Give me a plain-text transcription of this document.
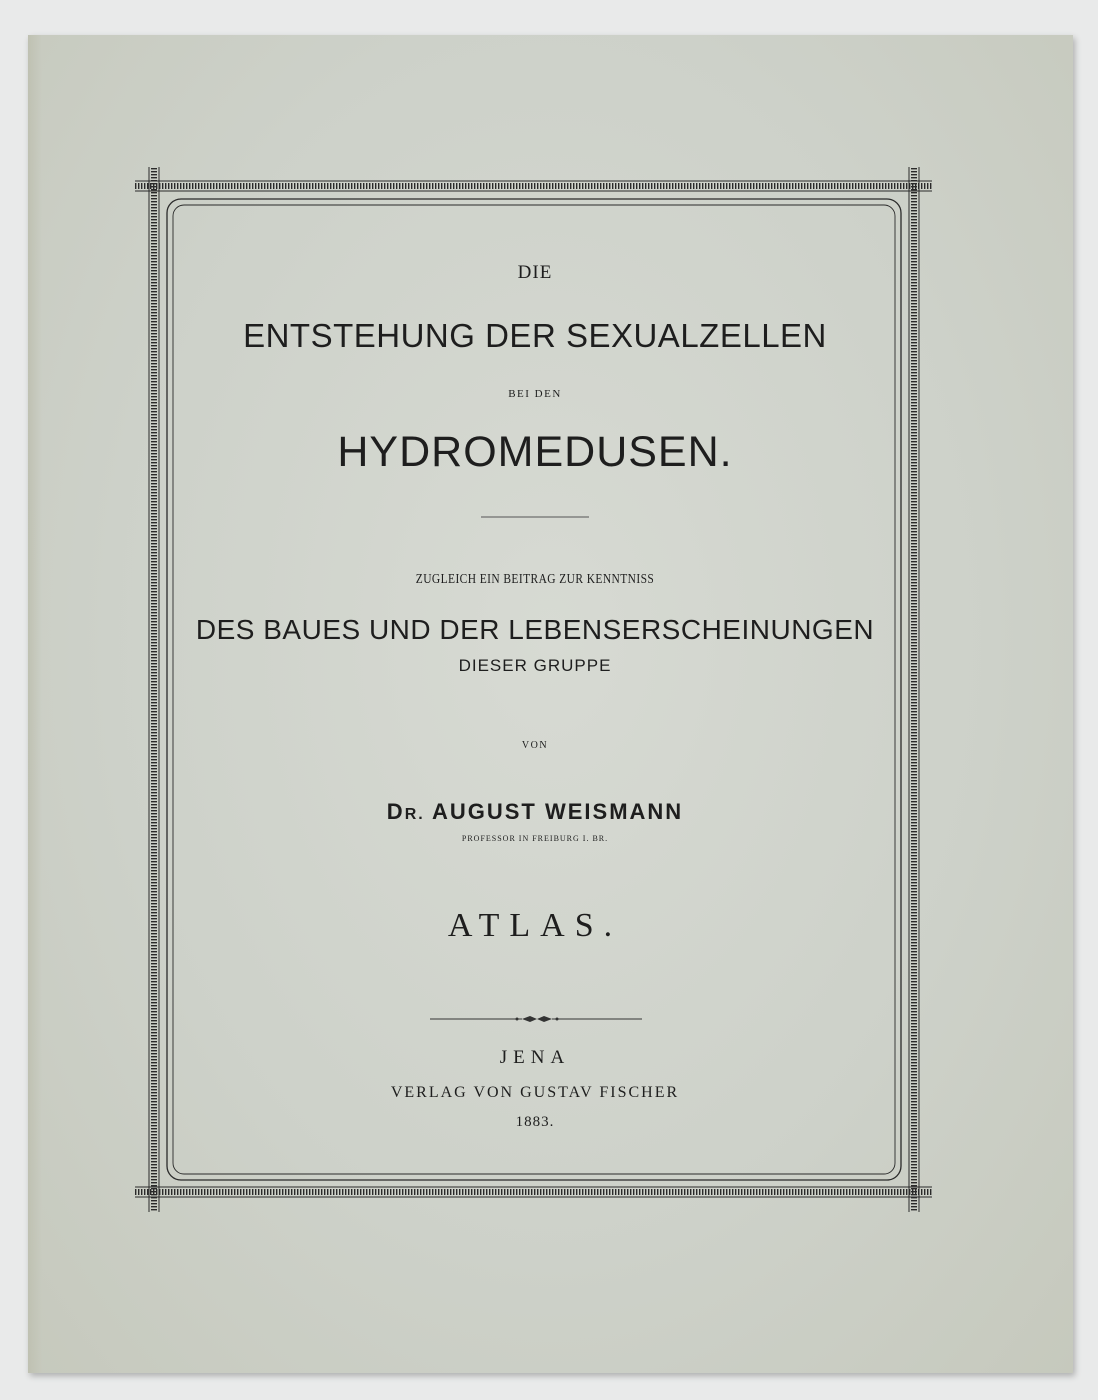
DIE
ENTSTEHUNG DER SEXUALZELLEN
BEI DEN
HYDROMEDUSEN.
ZUGLEICH EIN BEITRAG ZUR KENNTNISS
DES BAUES UND DER LEBENSERSCHEINUNGEN
DIESER GRUPPE
VON
DR. AUGUST WEISMANN
PROFESSOR IN FREIBURG I. BR.
ATLAS.
JENA
VERLAG VON GUSTAV FISCHER
1883.
